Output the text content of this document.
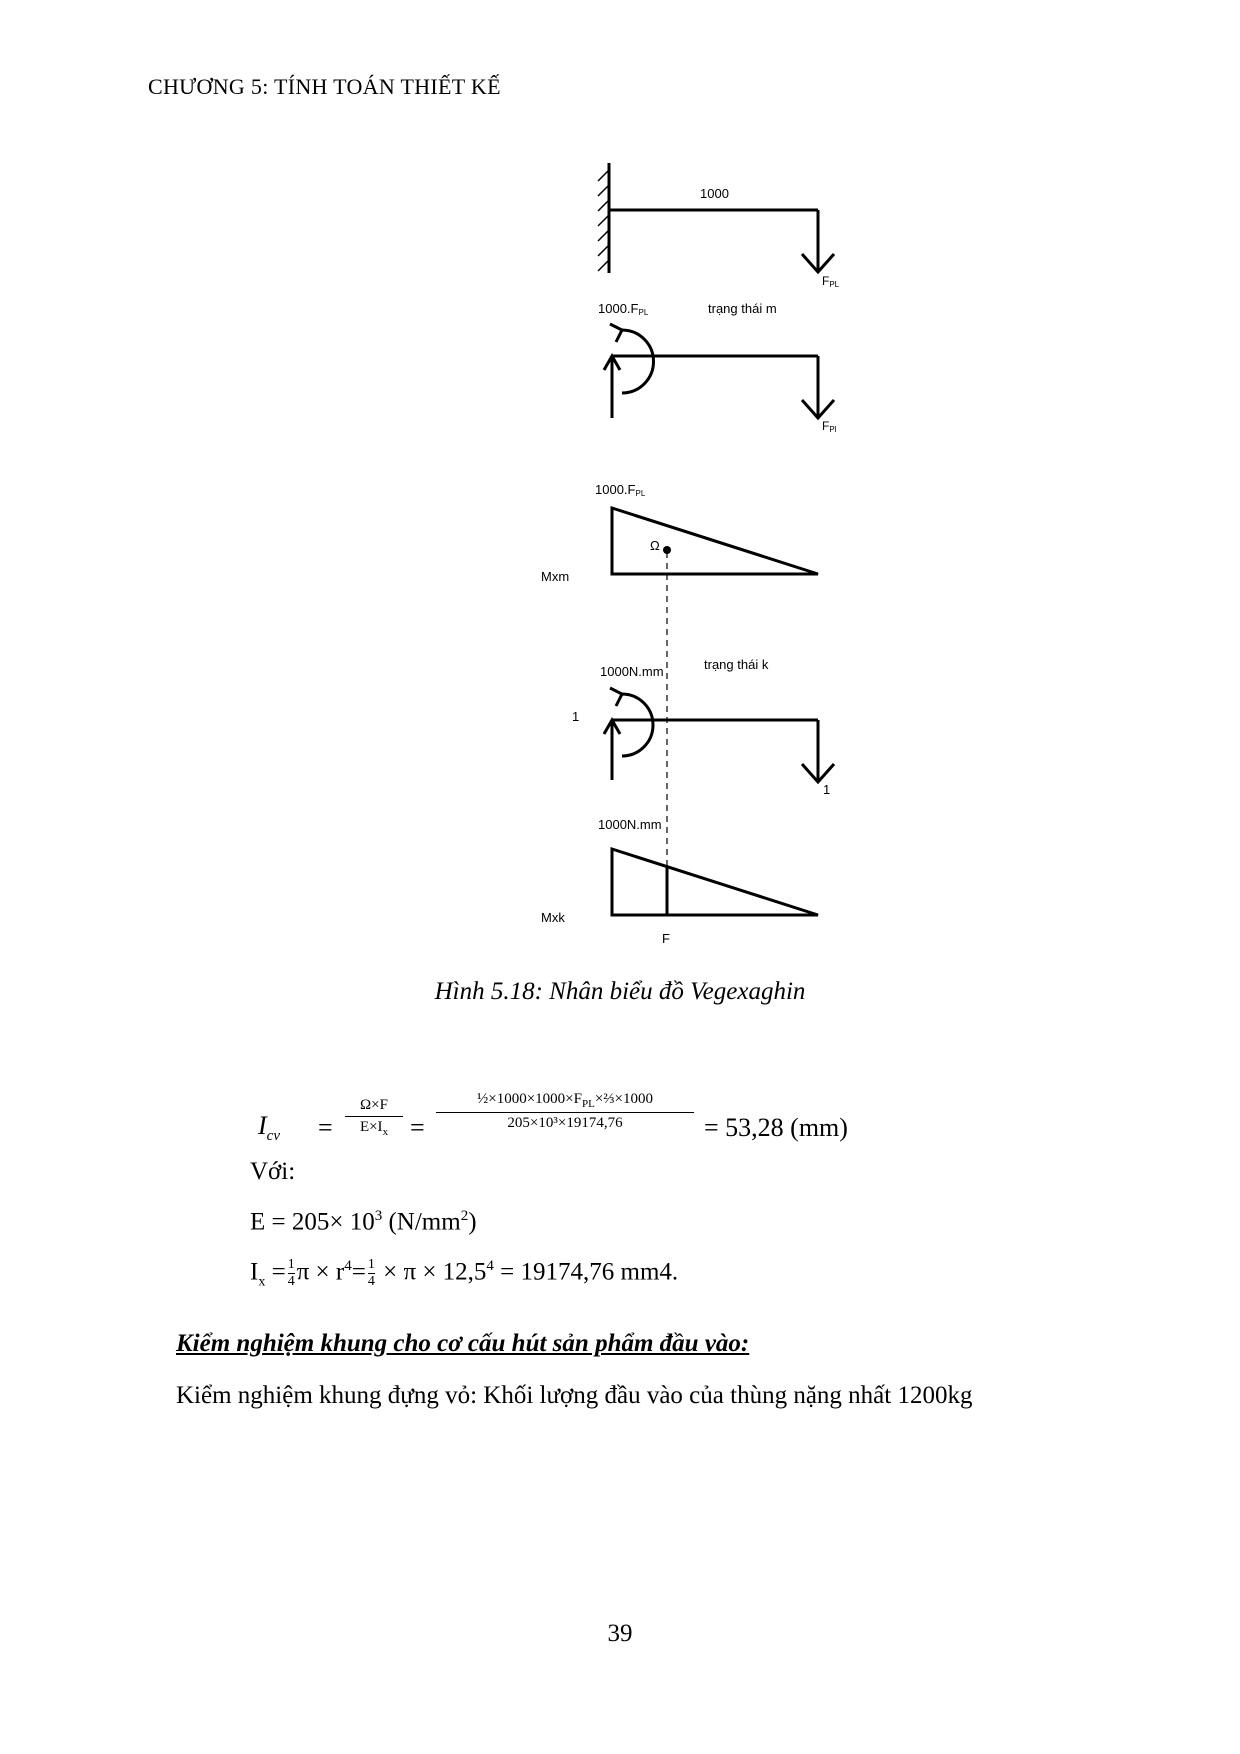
CHƯƠNG 5: TÍNH TOÁN THIẾT KẾ
1000
FPL
1000.FPL	trạng thái m
FPl
1000.FPL
Ω
Mxm
1000N.mm	trạng thái k
1
1
1000N.mm
Mxk
F
Hình 5.18: Nhân biểu đồ Vegexaghin
$I_{cv}$ =
Ω×F
$E\times I_x$ =
$\frac{1}{2}\times 1000\times 1000\times F_{PL}\times\frac{2}{3}\times 1000$
205×10³×19174,76	= 53,28 (mm)
Với:
$E = 205\times 10^3$ $(N/mm^2)$
$I_x = \frac{1}{4}$ $\pi \times r^4= \frac{1}{4} \times \pi \times 12,5^4 = 19174,76$ mm4.
Kiểm nghiệm khung cho cơ cấu hút sản phẩm đầu vào:
Kiểm nghiệm khung đựng vỏ: Khối lượng đầu vào của thùng nặng nhất 1200kg
39
